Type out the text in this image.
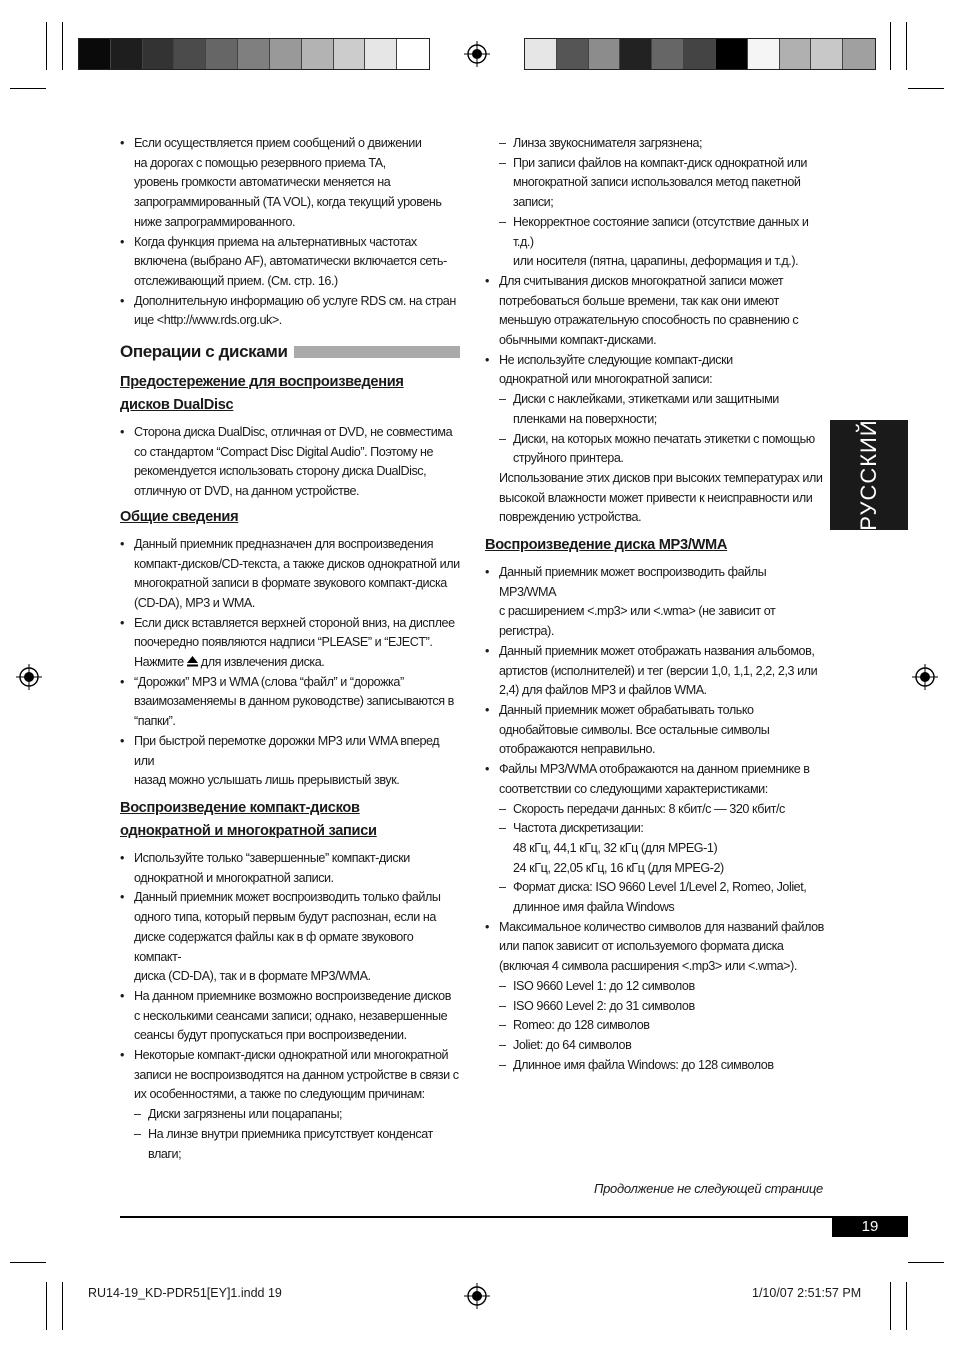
• Если осуществляется прием сообщений о движении
на дорогах с помощью резервного приема TA,
уровень громкости автоматически меняется на
запрограммированный (TA VOL), когда текущий уровень
ниже запрограммированного.
• Когда функция приема на альтернативных частотах
включена (выбрано AF), автоматически включается сеть-
отслеживающий прием. (См. стр. 16.)
• Дополнительную информацию об услуге RDS см. на стран
ице <http://www.rds.org.uk>.
Операции с дисками
Предостережение для воспроизведения
дисков DualDisc
• Сторона диска DualDisc, отличная от DVD, не совместима
со стандартом “Compact Disc Digital Audio”. Поэтому не
рекомендуется использовать сторону диска DualDisc,
отличную от DVD, на данном устройстве.
Общие сведения
• Данный приемник предназначен для воспроизведения
компакт-дисков/CD-текста, а также дисков однократной или
многократной записи в формате звукового компакт-диска
(CD-DA), MP3 и WMA.
• Если диск вставляется верхней стороной вниз, на дисплее
поочередно появляются надписи “PLEASE” и “EJECT”.
Нажмите  для извлечения диска.
• “Дорожки” MP3 и WMA (слова “файл” и “дорожка”
взаимозаменяемы в данном руководстве) записываются в
“папки”.
• При быстрой перемотке дорожки MP3 или WMA вперед или
назад можно услышать лишь прерывистый звук.
Воспроизведение компакт-дисков
однократной и многократной записи
• Используйте только “завершенные” компакт-диски
однократной и многократной записи.
• Данный приемник может воспроизводить только файлы
одного типа, который первым будут распознан, если на
диске содержатся файлы как в ф ормате звукового компакт-
диска (CD-DA), так и в формате MP3/WMA.
• На данном приемнике возможно воспроизведение дисков
с несколькими сеансами записи; однако, незавершенные
сеансы будут пропускаться при воспроизведении.
• Некоторые компакт-диски однократной или многократной
записи не воспроизводятся на данном устройстве в связи с
их особенностями, а также по следующим причинам:
– Диски загрязнены или поцарапаны;
– На линзе внутри приемника присутствует конденсат
влаги;
– Линза звукоснимателя загрязнена;
– При записи файлов на компакт-диск однократной или
многократной записи использовался метод пакетной
записи;
– Некорректное состояние записи (отсутствие данных и т.д.)
или носителя (пятна, царапины, деформация и т.д.).
• Для считывания дисков многократной записи может
потребоваться больше времени, так как они имеют
меньшую отражательную способность по сравнению с
обычными компакт-дисками.
• Не используйте следующие компакт-диски
однократной или многократной записи:
– Диски с наклейками, этикетками или защитными
пленками на поверхности;
– Диски, на которых можно печатать этикетки с помощью
струйного принтера.
Использование этих дисков при высоких температурах или
высокой влажности может привести к неисправности или
повреждению устройства.
Воспроизведение диска MP3/WMA
• Данный приемник может воспроизводить файлы MP3/WMA
с расширением <.mp3> или <.wma> (не зависит от
регистра).
• Данный приемник может отображать названия альбомов,
артистов (исполнителей) и тег (версии 1,0, 1,1, 2,2, 2,3 или
2,4) для файлов MP3 и файлов WMA.
• Данный приемник может обрабатывать только
однобайтовые символы. Все остальные символы
отображаются неправильно.
• Файлы MP3/WMA отображаются на данном приемнике в
соответствии со следующими характеристиками:
– Скорость передачи данных: 8 кбит/с — 320 кбит/с
– Частота дискретизации:
48 кГц, 44,1 кГц, 32 кГц (для MPEG-1)
24 кГц, 22,05 кГц, 16 кГц (для MPEG-2)
– Формат диска: ISO 9660 Level 1/Level 2, Romeo, Joliet,
длинное имя файла Windows
• Максимальное количество символов для названий файлов
или папок зависит от используемого формата диска
(включая 4 символа расширения <.mp3> или <.wma>).
– ISO 9660 Level 1: до 12 символов
– ISO 9660 Level 2: до 31 символов
– Romeo: до 128 символов
– Joliet: до 64 символов
– Длинное имя файла Windows: до 128 символов
РУССКИЙ
Продолжение не следующей странице
19
RU14-19_KD-PDR51[EY]1.indd 19	1/10/07 2:51:57 PM
